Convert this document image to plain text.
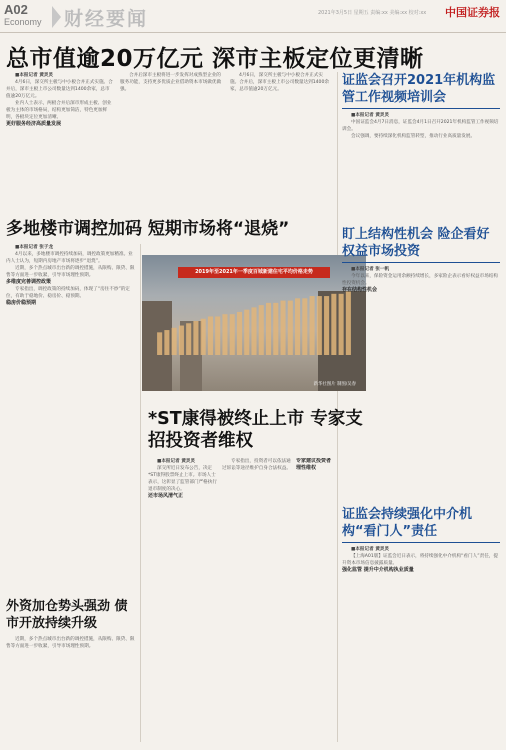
A02
Economy 财经要闻	2021年3月5日 星期五 责编:xx 美编:xx 校对:xx 中国证券报
总市值逾20万亿元 深市主板定位更清晰

■本报记者 黄灵灵

4月6日，深交所主板与中小板合并正式实施。合并后，深市主板上市公司数量达到1400余家，总市值逾20万亿元。

业内人士表示，两板合并后深市形成主板、创业板为主体的市场格局，结构更加简洁，特色更加鲜明，各板块定位更加清晰。

更好服务经济高质量发展

合并后深市主板将进一步发挥对成熟型企业的服务功能，支持更多优质企业借助资本市场做优做强。

4月6日，深交所主板与中小板合并正式实施。合并后，深市主板上市公司数量达到1400余家，总市值逾20万亿元。

多地楼市调控加码 短期市场将“退烧”

■本报记者 张子龙

4月以来，多地楼市调控持续加码，调控政策更加精准。业内人士认为，短期内房地产市场将逐步“退烧”。

近期，多个热点城市出台新的调控措施，从限购、限贷、限售等方面进一步收紧，引导市场理性预期。

多维度完善调控政策

专家指出，调控政策的持续加码，体现了“房住不炒”的定位，有助于稳地价、稳房价、稳预期。

稳房价稳预期

2019年至2021年一季度百城新建住宅平均价格走势
新华社图片 制图/吴春
*ST康得被终止上市 专家支招投资者维权

■本报记者 黄灵灵

深交所近日发布公告，决定*ST康得股票终止上市。市场人士表示，这彰显了监管部门严格执行退市制度的决心。

还市场风清气正

专家指出，投资者可以依法通过诉讼等途径维护自身合法权益。

专家建议投资者理性维权

外资加仓势头强劲 债市开放持续升级

近期，多个热点城市出台新的调控措施，从限购、限贷、限售等方面进一步收紧，引导市场理性预期。

证监会召开2021年机构监管工作视频培训会

■本报记者 黄灵灵

中国证监会4月7日消息，证监会4月1日召开2021年机构监管工作视频培训会。

会议强调，要持续深化机构监管转型，推动行业高质量发展。

盯上结构性机会 险企看好权益市场投资

■本报记者 张一帆

今年以来，保险资金运用余额持续增长，多家险企表示看好权益市场结构性投资机会。

存在结构性机会

证监会持续强化中介机构“看门人”责任

■本报记者 黄灵灵

【上海A01版】证监会近日表示，将持续强化中介机构“看门人”责任，提升资本市场信息披露质量。

强化监管 提升中介机构执业质量
